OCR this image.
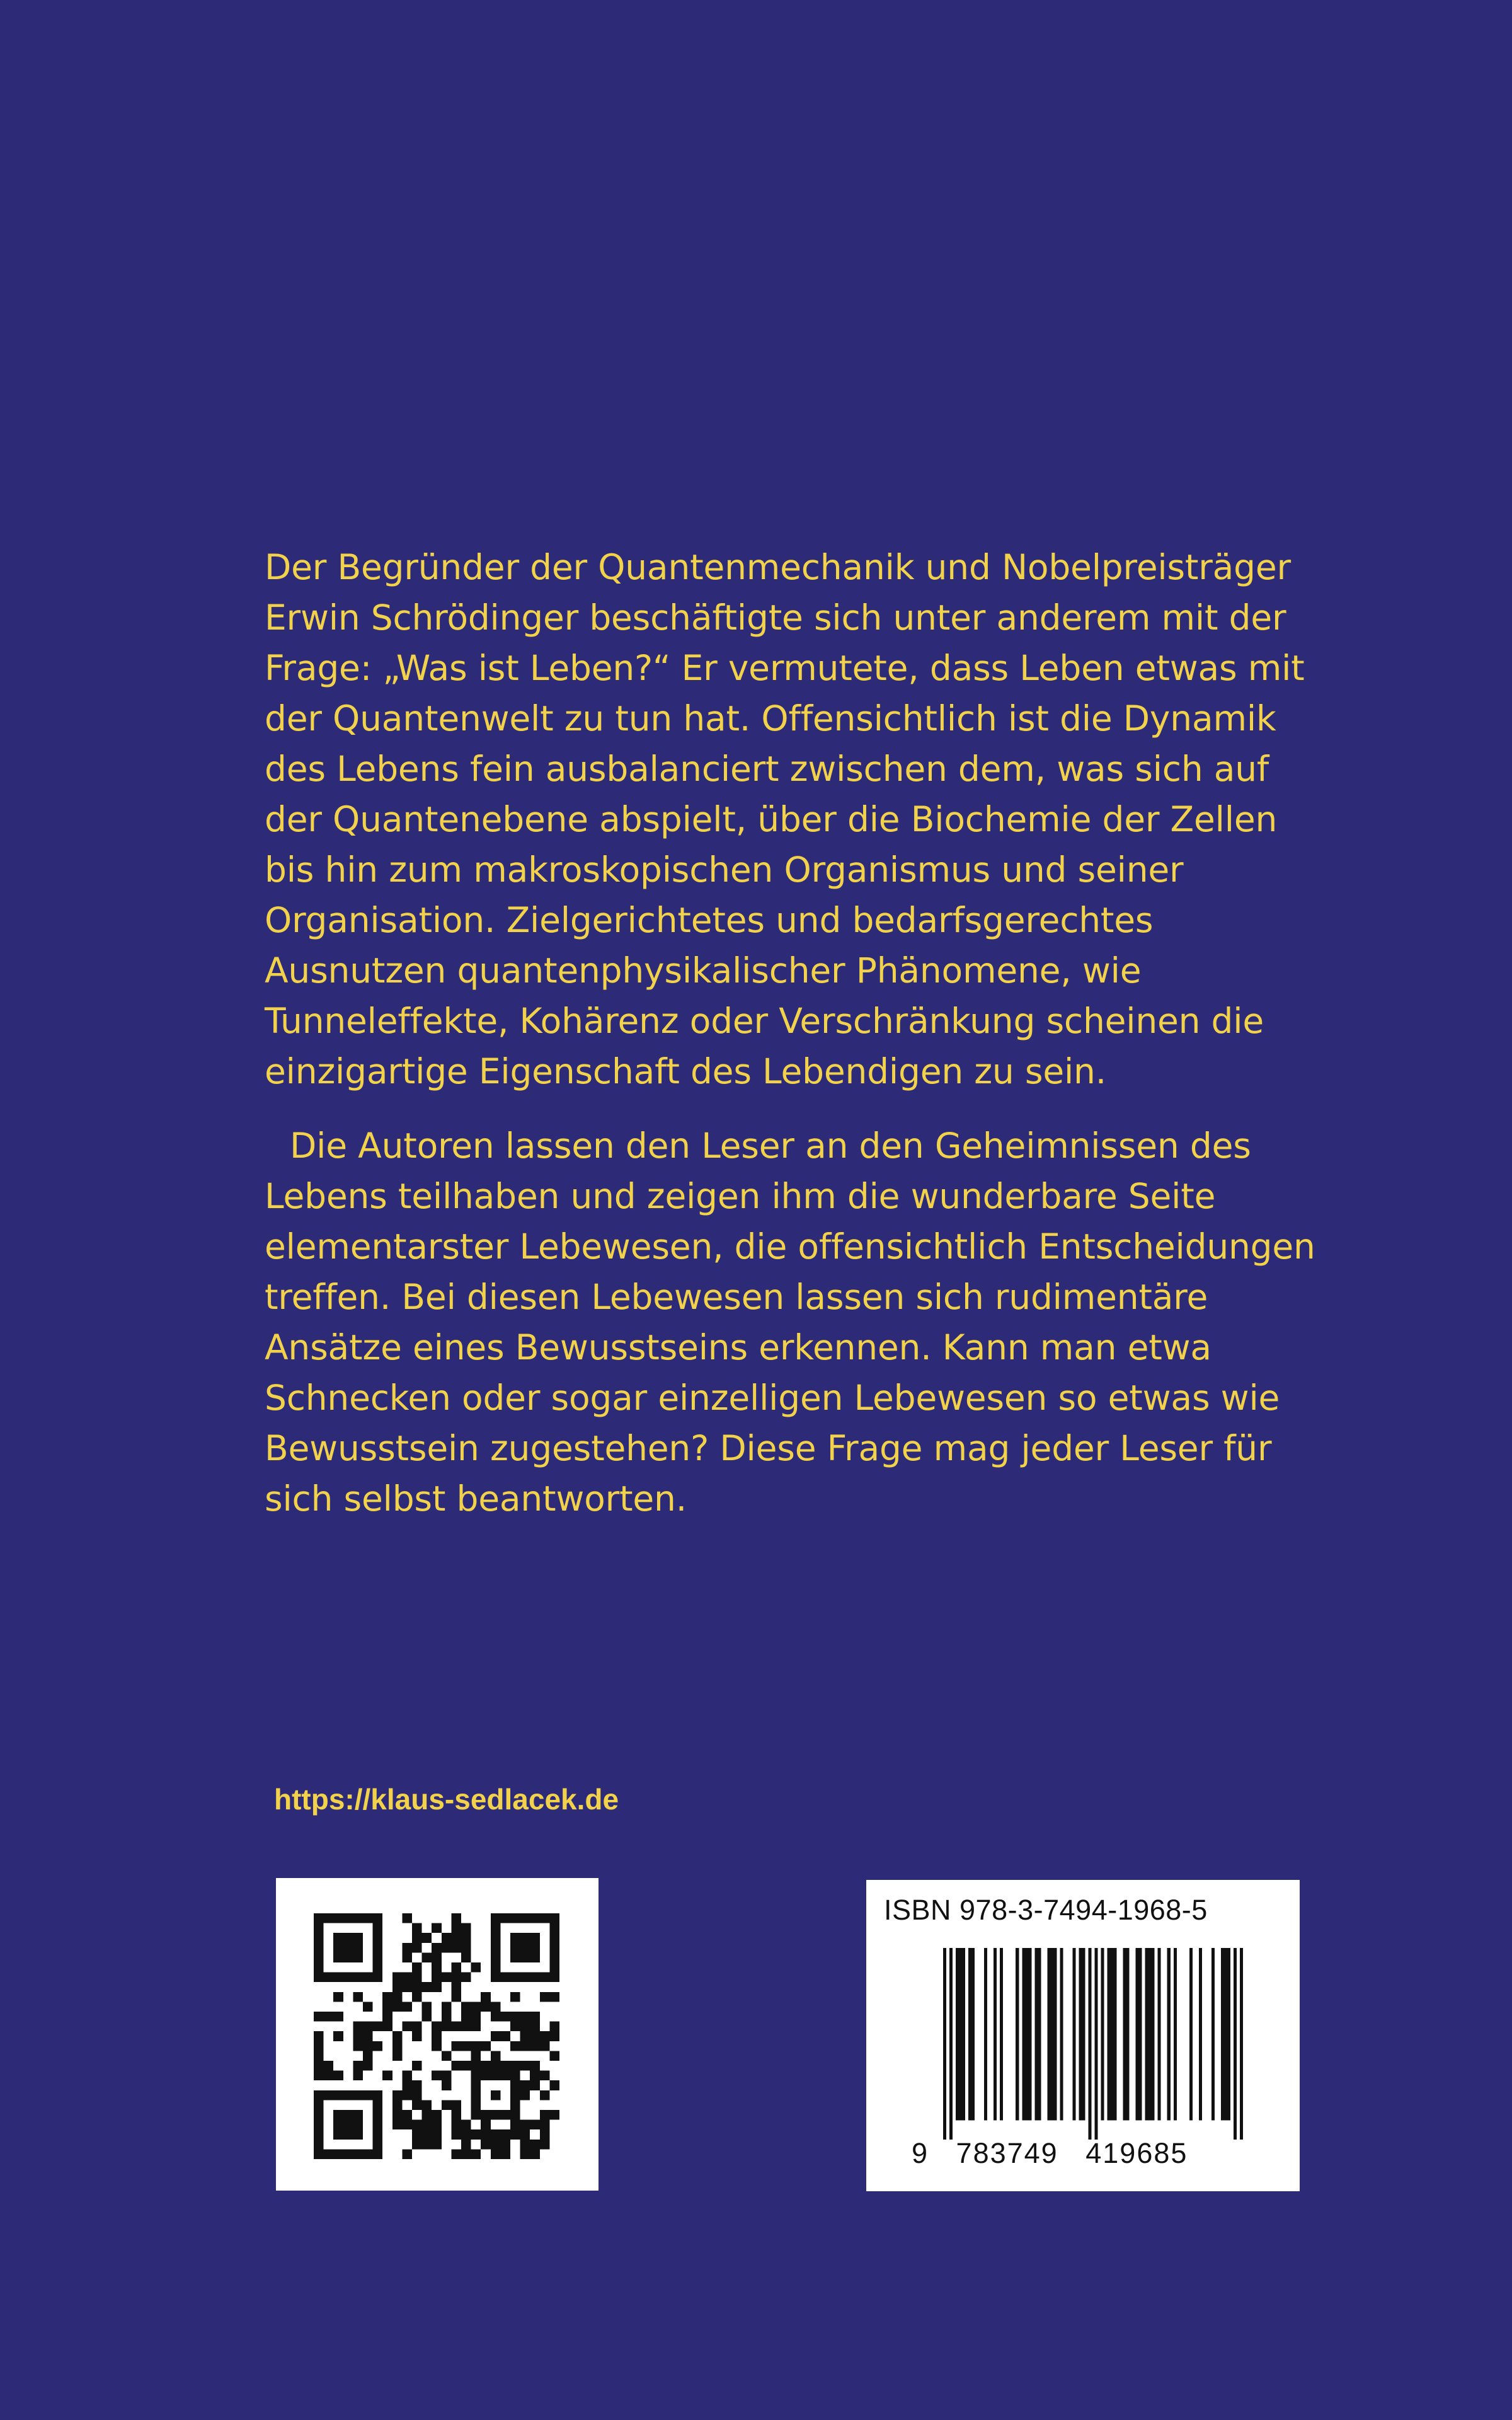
Der Begründer der Quantenmechanik und Nobelpreisträger
Erwin Schrödinger beschäftigte sich unter anderem mit der
Frage: „Was ist Leben?“ Er vermutete, dass Leben etwas mit
der Quantenwelt zu tun hat. Offensichtlich ist die Dynamik
des Lebens fein ausbalanciert zwischen dem, was sich auf
der Quantenebene abspielt, über die Biochemie der Zellen
bis hin zum makroskopischen Organismus und seiner
Organisation. Zielgerichtetes und bedarfsgerechtes
Ausnutzen quantenphysikalischer Phänomene, wie
Tunneleffekte, Kohärenz oder Verschränkung scheinen die
einzigartige Eigenschaft des Lebendigen zu sein.

Die Autoren lassen den Leser an den Geheimnissen des
Lebens teilhaben und zeigen ihm die wunderbare Seite
elementarster Lebewesen, die offensichtlich Entscheidungen
treffen. Bei diesen Lebewesen lassen sich rudimentäre
Ansätze eines Bewusstseins erkennen. Kann man etwa
Schnecken oder sogar einzelligen Lebewesen so etwas wie
Bewusstsein zugestehen? Diese Frage mag jeder Leser für
sich selbst beantworten.

https://klaus-sedlacek.de
ISBN 978-3-7494-1968-5
9 783749 419685
